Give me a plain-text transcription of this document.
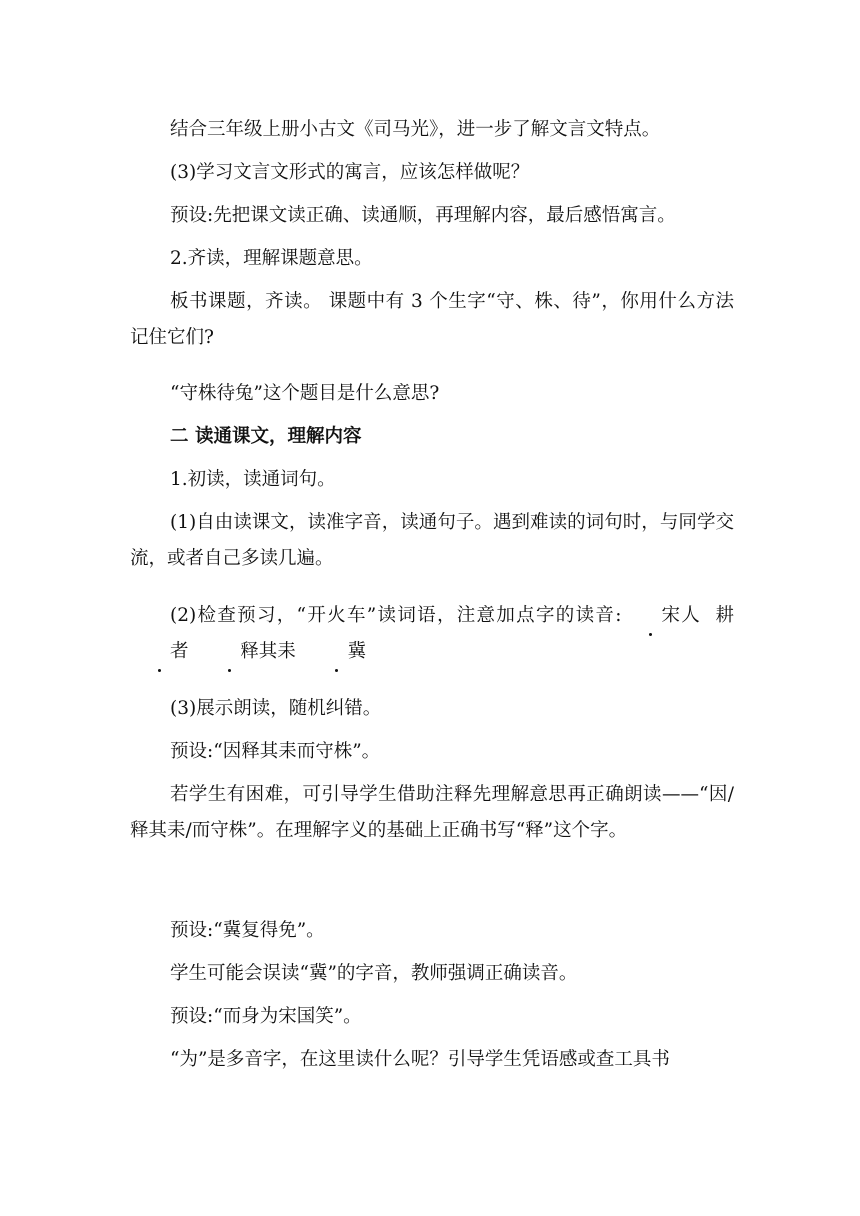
结合三年级上册小古文《司马光》，进一步了解文言文特点。

(3)学习文言文形式的寓言，应该怎样做呢？

预设:先把课文读正确、读通顺，再理解内容，最后感悟寓言。

2.齐读，理解课题意思。

板书课题，齐读。 课题中有 3 个生字“守、株、待”，你用什么方法记住它们?

“守株待兔”这个题目是什么意思?

二 读通课文，理解内容

1.初读，读通词句。

(1)自由读课文，读准字音，读通句子。遇到难读的词句时，与同学交流，或者自己多读几遍。

(2)检查预习，“开火车”读词语，注意加点字的读音: 宋人 耕者	释其耒	冀

(3)展示朗读，随机纠错。

预设:“因释其耒而守株”。

若学生有困难，可引导学生借助注释先理解意思再正确朗读——“因/释其耒/而守株”。在理解字义的基础上正确书写“释”这个字。

预设:“冀复得免”。

学生可能会误读“冀”的字音，教师强调正确读音。

预设:“而身为宋国笑”。

“为”是多音字，在这里读什么呢？引导学生凭语感或查工具书
